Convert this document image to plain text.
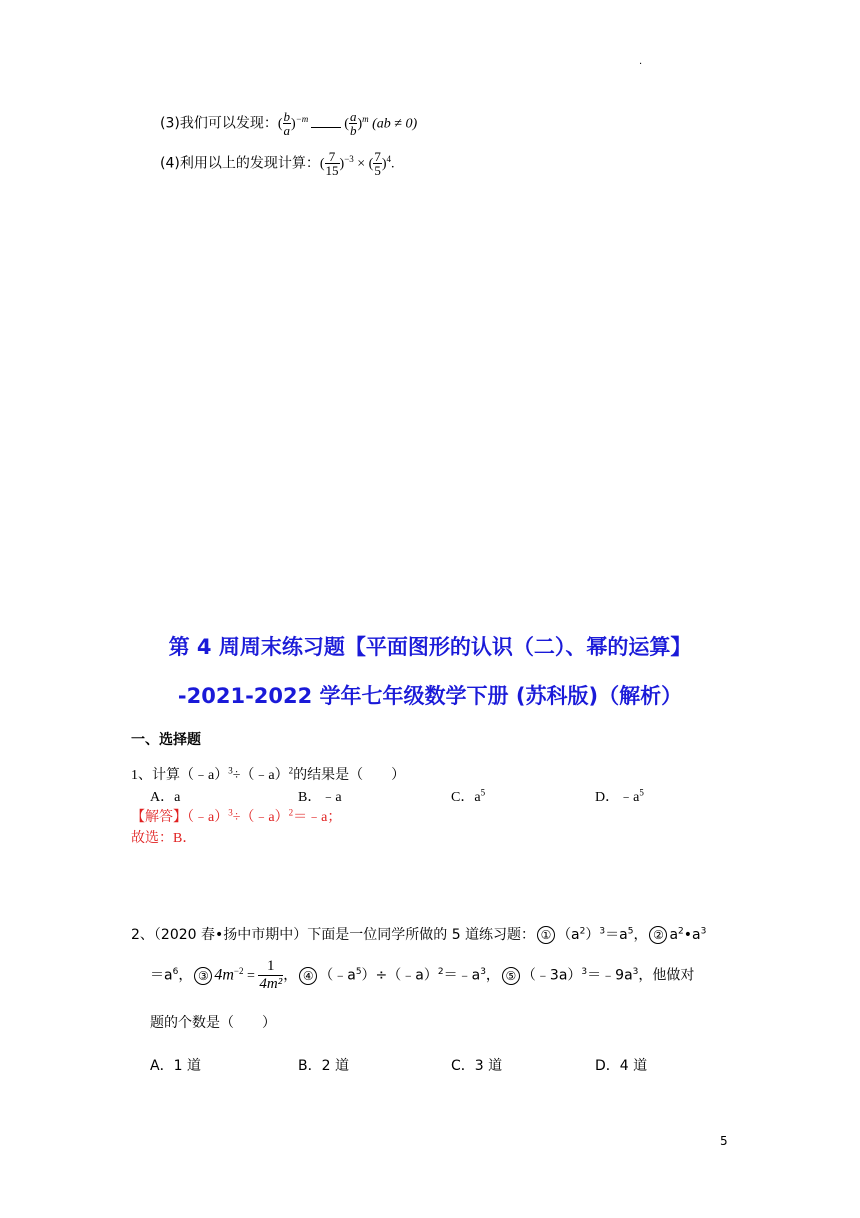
.
(3)我们可以发现：( $\frac{b}{a} )^{-m}$	( $\frac{a}{b} )^m$ (ab ≠ 0)
(4)利用以上的发现计算：( $\frac{7}{15} )^{-3}$ × ( $\frac{7}{5} )^4$.
第 4 周周末练习题【平面图形的认识（二）、幂的运算】
-2021-2022 学年七年级数学下册 (苏科版)（解析）
一、选择题
1、计算（﹣a）$^3$÷（﹣a）$^2$的结果是（　　）
A．a	B．﹣a	C．$a^5$	D．$﹣a^5$
【解答】（﹣a）$^3$÷（﹣a）$^2$＝﹣a；
故选：B．
2、（2020 春•扬中市期中）下面是一位同学所做的 5 道练习题： ① $(a^2)^3=a^5$， ② $a^2•a^3$
$=a^6$， ③ $4m^{-2} = \frac{1}{\text{4m²}}$ ， ④ $(﹣a^5)\div(﹣a)^2=﹣a^3$， ⑤ $(﹣3a)^3=﹣9a^3$，他做对
题的个数是（　　）
A．1 道	B．2 道	C．3 道	D．4 道
5
